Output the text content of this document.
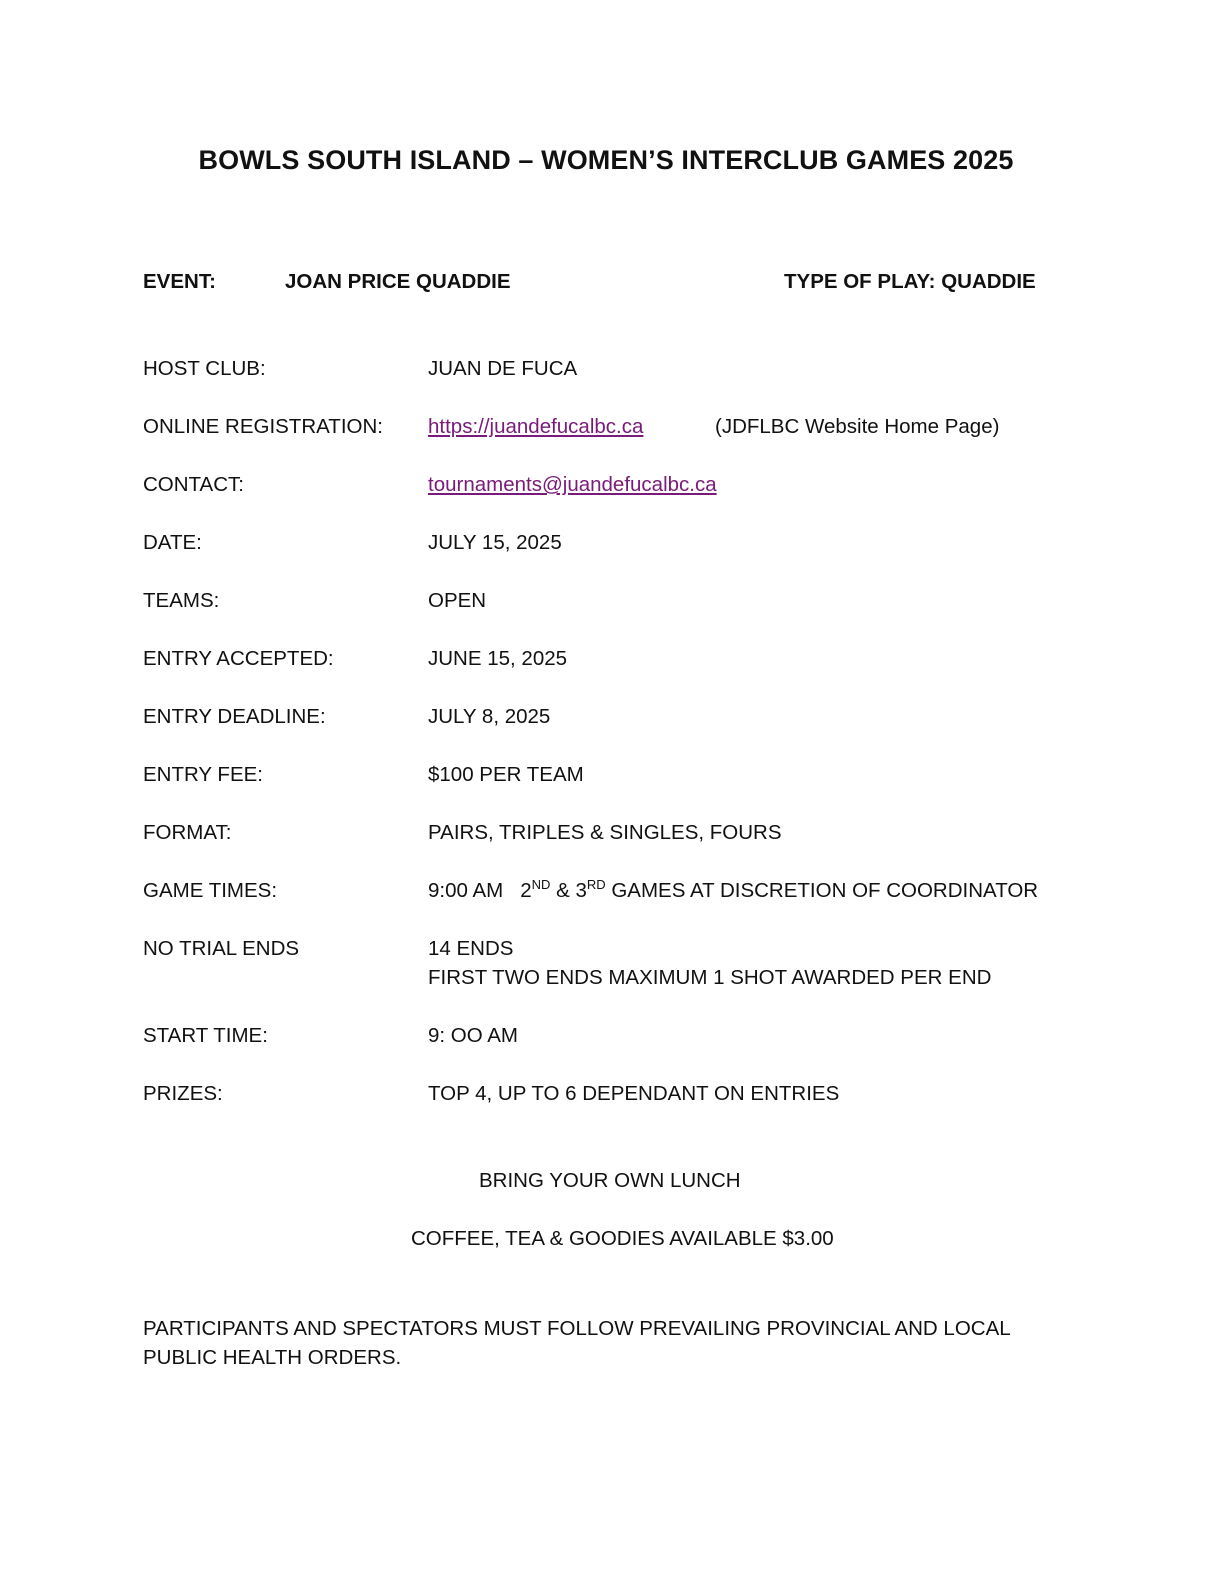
BOWLS SOUTH ISLAND – WOMEN’S INTERCLUB GAMES 2025
EVENT:	JOAN PRICE QUADDIE	TYPE OF PLAY: QUADDIE
HOST CLUB:	JUAN DE FUCA
ONLINE REGISTRATION: https://juandefucalbc.ca	(JDFLBC Website Home Page)
CONTACT:	tournaments@juandefucalbc.ca
DATE:	JULY 15, 2025
TEAMS:	OPEN
ENTRY ACCEPTED:	JUNE 15, 2025
ENTRY DEADLINE:	JULY 8, 2025
ENTRY FEE:	$100 PER TEAM
FORMAT:	PAIRS, TRIPLES & SINGLES, FOURS
GAME TIMES:	9:00 AM 2ND & 3RD GAMES AT DISCRETION OF COORDINATOR
NO TRIAL ENDS	14 ENDS
FIRST TWO ENDS MAXIMUM 1 SHOT AWARDED PER END
START TIME:	9: OO AM
PRIZES:	TOP 4, UP TO 6 DEPENDANT ON ENTRIES
BRING YOUR OWN LUNCH
COFFEE, TEA & GOODIES AVAILABLE $3.00
PARTICIPANTS AND SPECTATORS MUST FOLLOW PREVAILING PROVINCIAL AND LOCAL PUBLIC HEALTH ORDERS.
